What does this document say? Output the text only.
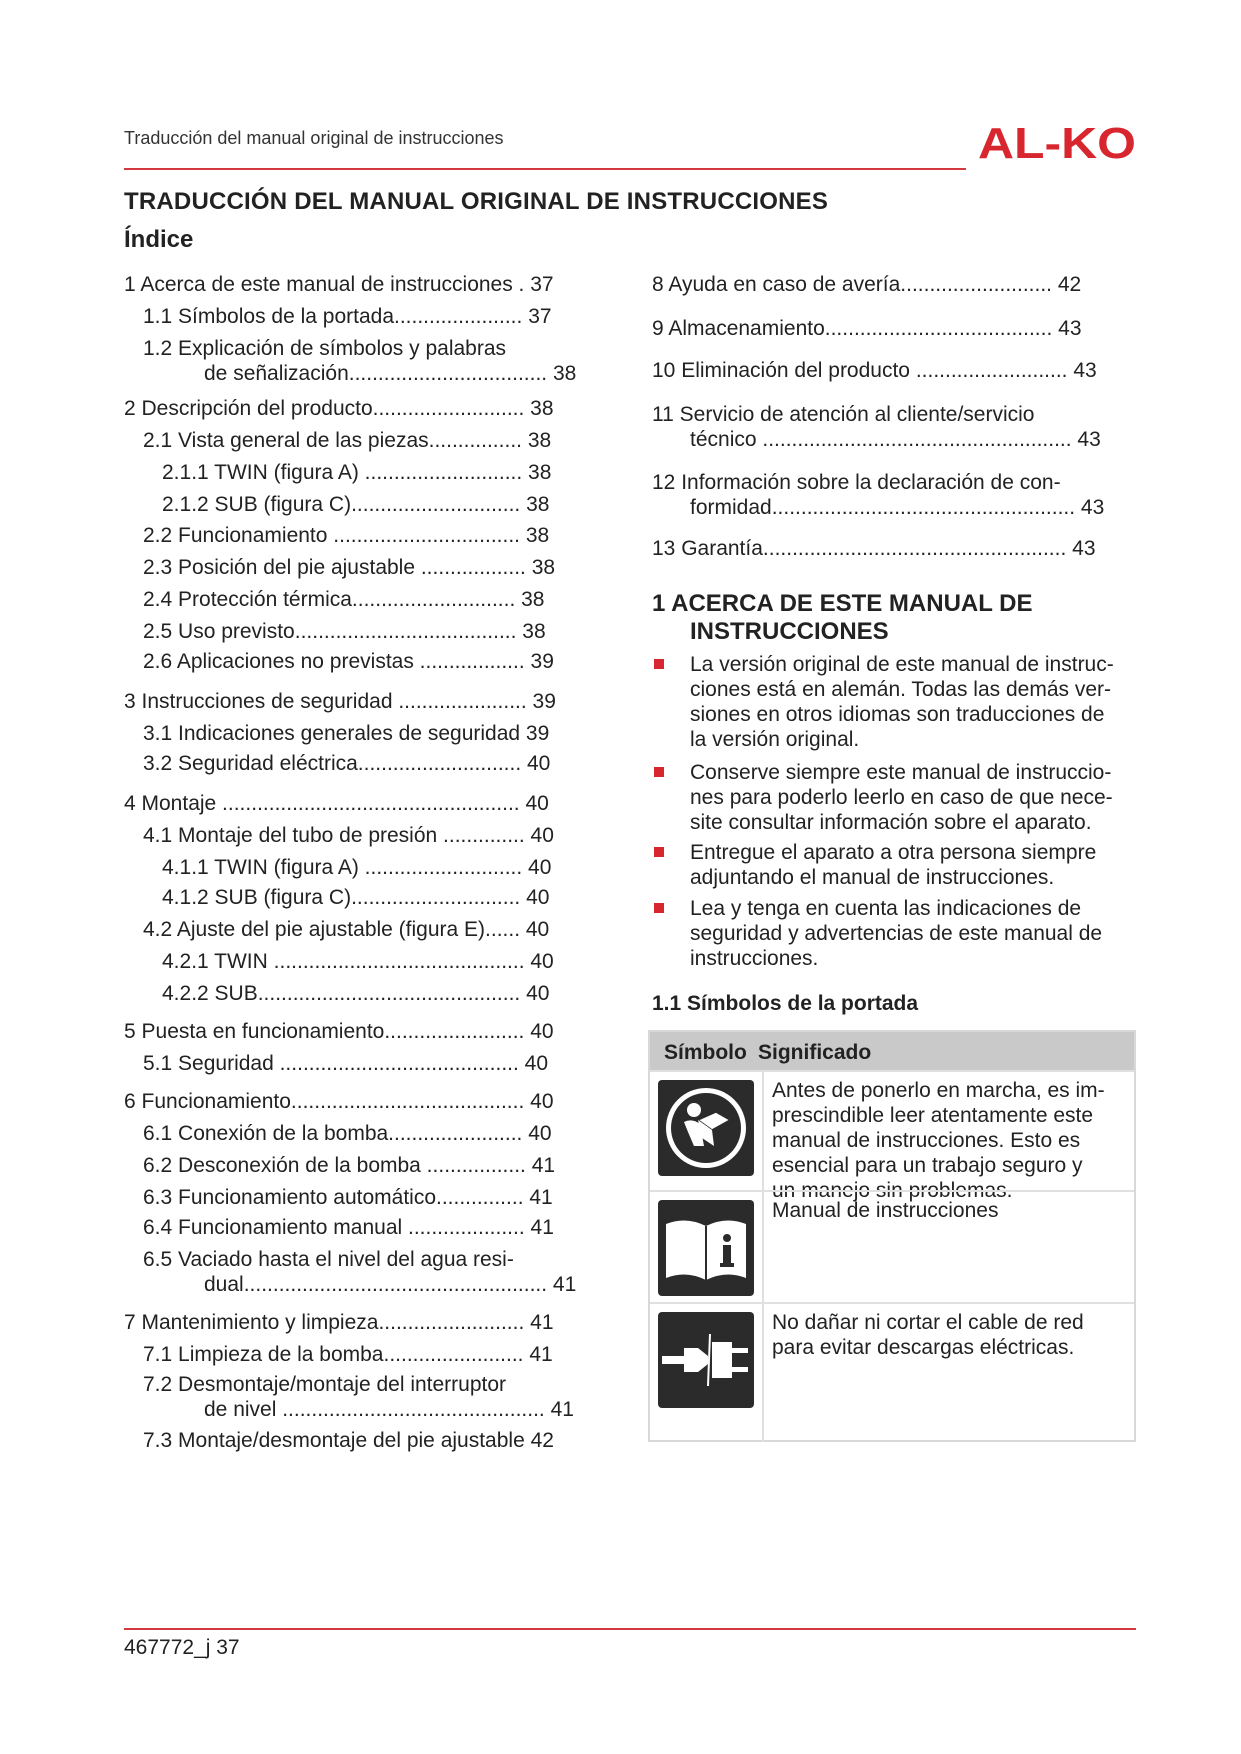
Traducción del manual original de instrucciones	AL-KO
TRADUCCIÓN DEL MANUAL ORIGINAL DE INSTRUCCIONES
Índice
1 Acerca de este manual de instrucciones . 37
1.1 Símbolos de la portada...................... 37
1.2 Explicación de símbolos y palabras
de señalización.................................. 38
2 Descripción del producto.......................... 38
2.1 Vista general de las piezas................ 38
2.1.1 TWIN (figura A) ........................... 38
2.1.2 SUB (figura C)............................. 38
2.2 Funcionamiento ................................ 38
2.3 Posición del pie ajustable .................. 38
2.4 Protección térmica............................ 38
2.5 Uso previsto...................................... 38
2.6 Aplicaciones no previstas .................. 39
3 Instrucciones de seguridad ...................... 39
3.1 Indicaciones generales de seguridad 39
3.2 Seguridad eléctrica............................ 40
4 Montaje ................................................... 40
4.1 Montaje del tubo de presión .............. 40
4.1.1 TWIN (figura A) ........................... 40
4.1.2 SUB (figura C)............................. 40
4.2 Ajuste del pie ajustable (figura E)...... 40
4.2.1 TWIN ........................................... 40
4.2.2 SUB............................................. 40
5 Puesta en funcionamiento........................ 40
5.1 Seguridad ......................................... 40
6 Funcionamiento........................................ 40
6.1 Conexión de la bomba....................... 40
6.2 Desconexión de la bomba ................. 41
6.3 Funcionamiento automático............... 41
6.4 Funcionamiento manual .................... 41
6.5 Vaciado hasta el nivel del agua resi-
dual.................................................... 41
7 Mantenimiento y limpieza......................... 41
7.1 Limpieza de la bomba........................ 41
7.2 Desmontaje/montaje del interruptor
de nivel ............................................. 41
7.3 Montaje/desmontaje del pie ajustable 42
8 Ayuda en caso de avería.......................... 42
9 Almacenamiento....................................... 43
10 Eliminación del producto .......................... 43
11 Servicio de atención al cliente/servicio
técnico ..................................................... 43
12 Información sobre la declaración de con-
formidad.................................................... 43
13 Garantía.................................................... 43
1 ACERCA DE ESTE MANUAL DE
INSTRUCCIONES
La versión original de este manual de instruc-
ciones está en alemán. Todas las demás ver-
siones en otros idiomas son traducciones de
la versión original.
Conserve siempre este manual de instruccio-
nes para poderlo leerlo en caso de que nece-
site consultar información sobre el aparato.
Entregue el aparato a otra persona siempre
adjuntando el manual de instrucciones.
Lea y tenga en cuenta las indicaciones de
seguridad y advertencias de este manual de
instrucciones.
1.1 Símbolos de la portada
Símbolo Significado
Antes de ponerlo en marcha, es im-
prescindible leer atentamente este
manual de instrucciones. Esto es
esencial para un trabajo seguro y
un manejo sin problemas.
Manual de instrucciones
No dañar ni cortar el cable de red
para evitar descargas eléctricas.
467772_j 37
